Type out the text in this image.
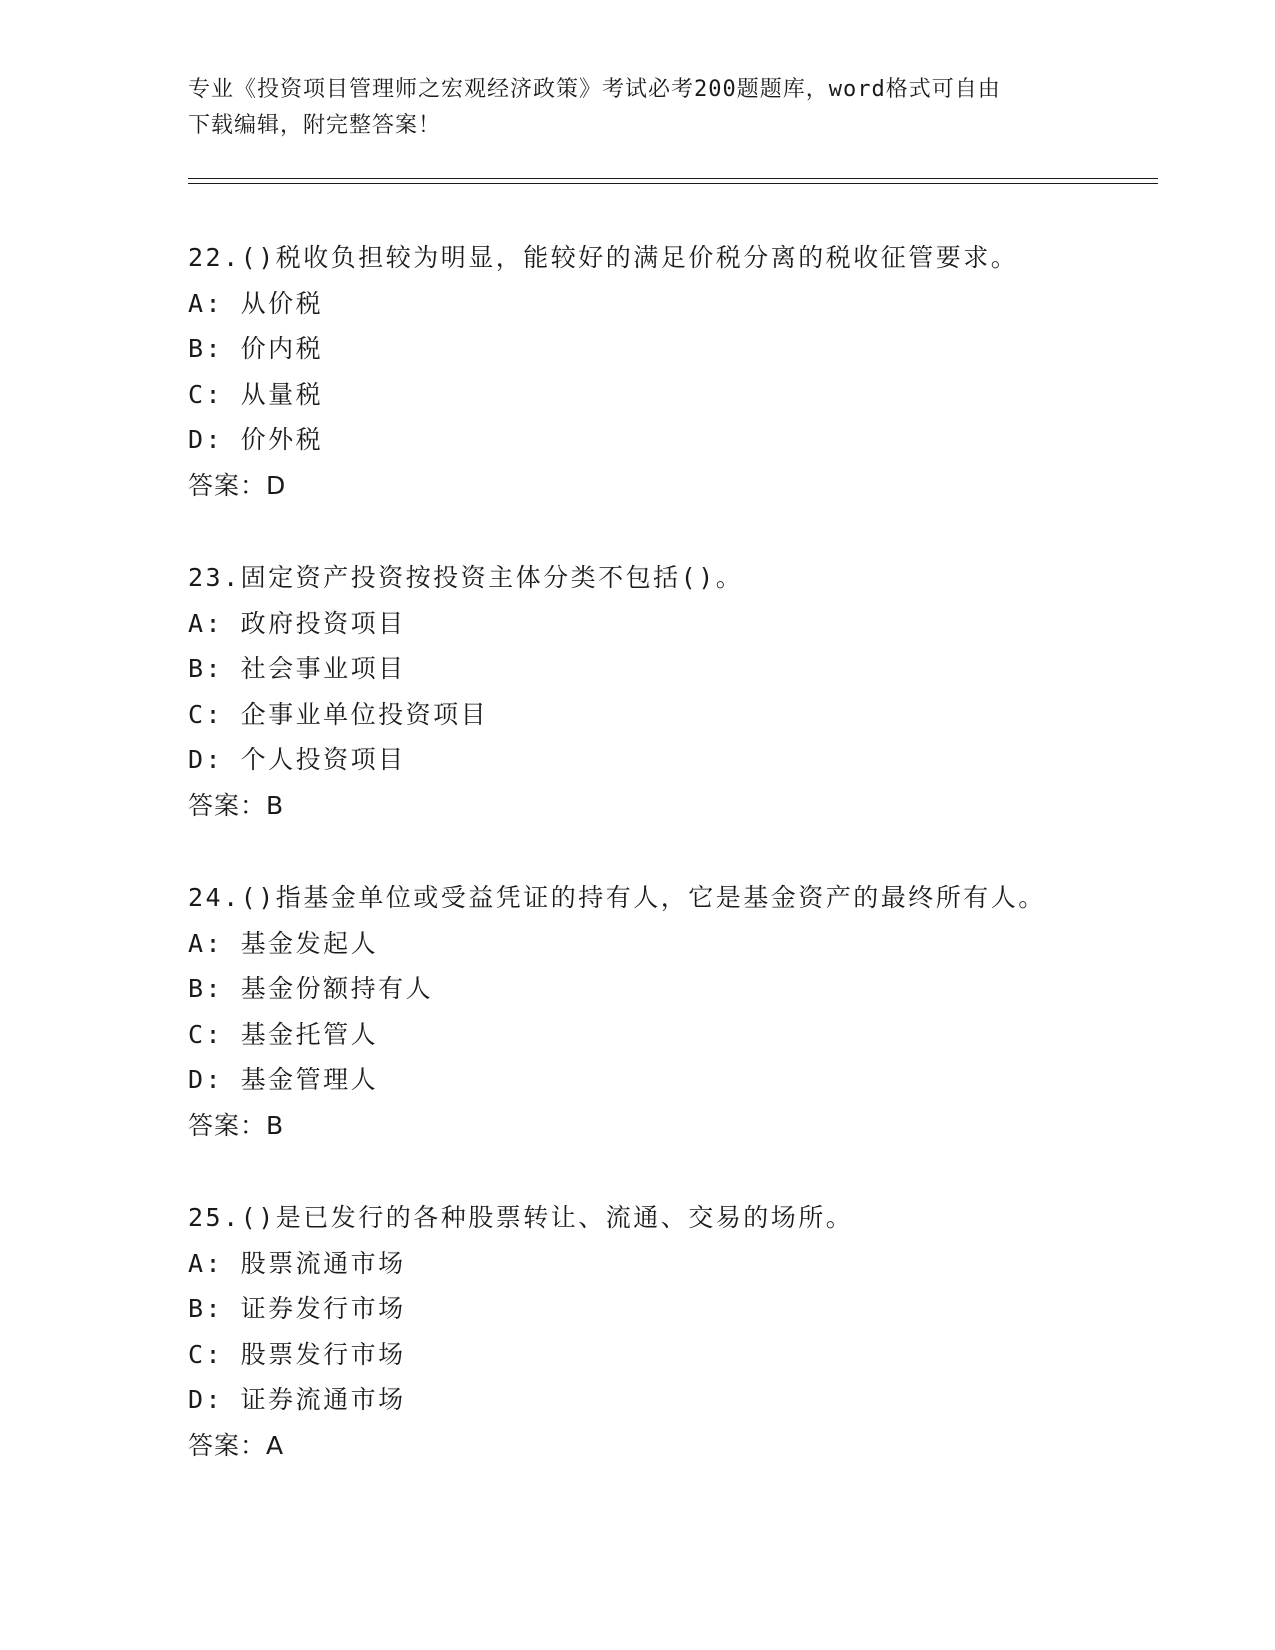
专业《投资项目管理师之宏观经济政策》考试必考200题题库，word格式可自由
下载编辑，附完整答案！
22.()税收负担较为明显，能较好的满足价税分离的税收征管要求。
A: 从价税
B: 价内税
C: 从量税
D: 价外税
答案：D
23.固定资产投资按投资主体分类不包括()。
A: 政府投资项目
B: 社会事业项目
C: 企事业单位投资项目
D: 个人投资项目
答案：B
24.()指基金单位或受益凭证的持有人，它是基金资产的最终所有人。
A: 基金发起人
B: 基金份额持有人
C: 基金托管人
D: 基金管理人
答案：B
25.()是已发行的各种股票转让、流通、交易的场所。
A: 股票流通市场
B: 证券发行市场
C: 股票发行市场
D: 证券流通市场
答案：A
